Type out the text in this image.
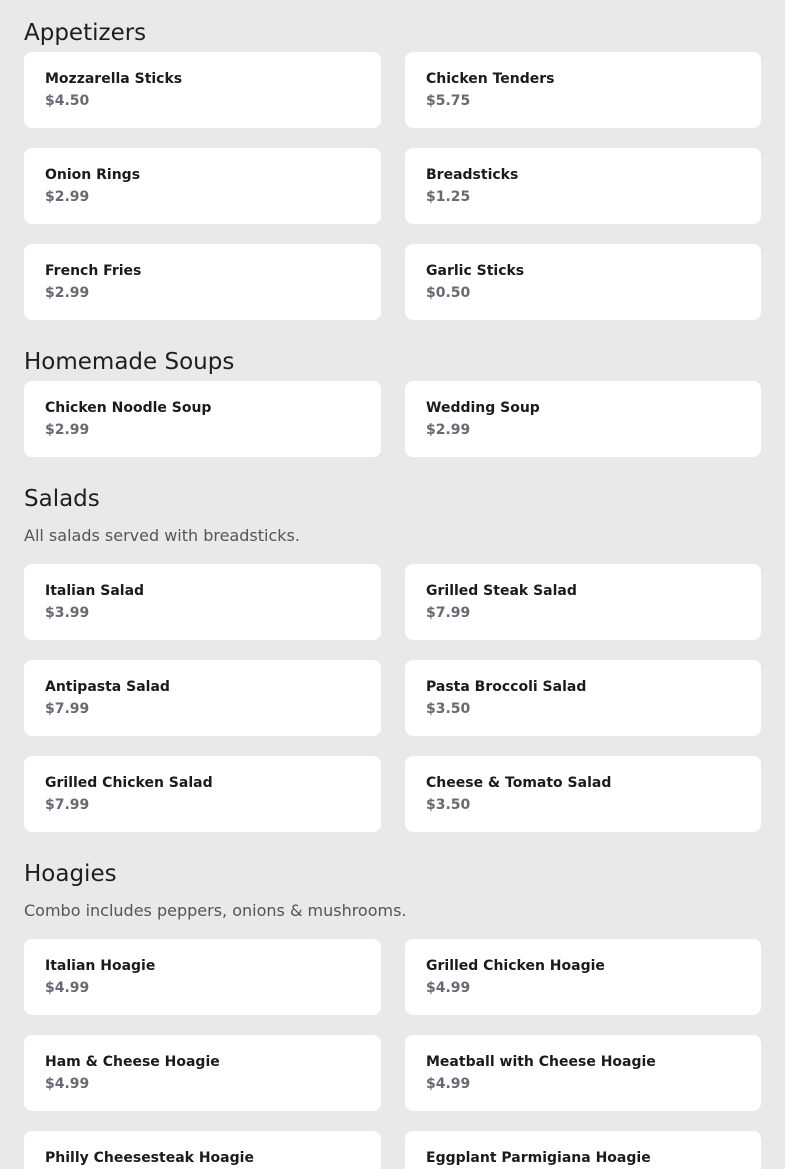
Appetizers
Mozzarella Sticks
$4.50
Chicken Tenders
$5.75
Onion Rings
$2.99
Breadsticks
$1.25
French Fries
$2.99
Garlic Sticks
$0.50
Homemade Soups
Chicken Noodle Soup
$2.99
Wedding Soup
$2.99
Salads

All salads served with breadsticks.

Italian Salad
$3.99
Grilled Steak Salad
$7.99
Antipasta Salad
$7.99
Pasta Broccoli Salad
$3.50
Grilled Chicken Salad
$7.99
Cheese & Tomato Salad
$3.50
Hoagies

Combo includes peppers, onions & mushrooms.

Italian Hoagie
$4.99
Grilled Chicken Hoagie
$4.99
Ham & Cheese Hoagie
$4.99
Meatball with Cheese Hoagie
$4.99
Philly Cheesesteak Hoagie	Eggplant Parmigiana Hoagie
